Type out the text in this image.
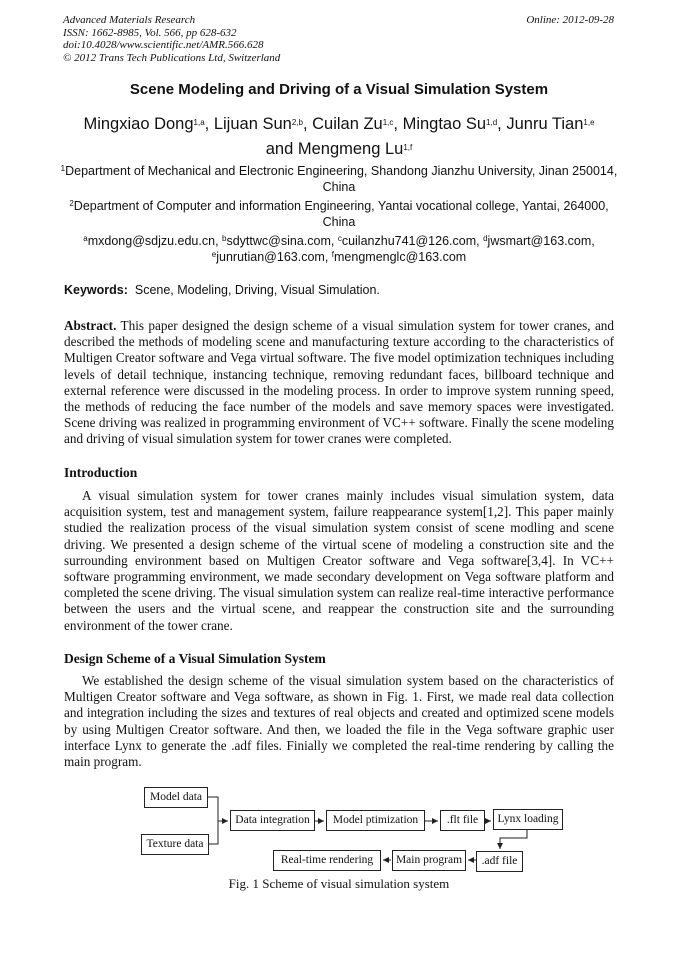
Advanced Materials Research
ISSN: 1662-8985, Vol. 566, pp 628-632
doi:10.4028/www.scientific.net/AMR.566.628
© 2012 Trans Tech Publications Ltd, Switzerland
Online: 2012-09-28
Scene Modeling and Driving of a Visual Simulation System
Mingxiao Dong$^{1,a}$, Lijuan Sun$^{2,b}$, Cuilan Zu$^{1,c}$, Mingtao Su$^{1,d}$, Junru Tian$^{1,e}$
and Mengmeng Lu$^{1,f}$
$^1$Department of Mechanical and Electronic Engineering, Shandong Jianzhu University, Jinan 250014, China
$^2$Department of Computer and information Engineering, Yantai vocational college, Yantai, 264000, China
$^a$mxdong@sdjzu.edu.cn, $^b$sdyttwc@sina.com, $^c$cuilanzhu741@126.com, $^d$jwsmart@163.com,
$^e$junrutian@163.com, $^f$mengmenglc@163.com
Keywords: Scene, Modeling, Driving, Visual Simulation.
Abstract. This paper designed the design scheme of a visual simulation system for tower cranes, and described the methods of modeling scene and manufacturing texture according to the characteristics of Multigen Creator software and Vega virtual software. The five model optimization techniques including levels of detail technique, instancing technique, removing redundant faces, billboard technique and external reference were discussed in the modeling process. In order to improve system running speed, the methods of reducing the face number of the models and save memory spaces were investigated. Scene driving was realized in programming environment of VC++ software. Finally the scene modeling and driving of visual simulation system for tower cranes were completed.
Introduction
A visual simulation system for tower cranes mainly includes visual simulation system, data acquisition system, test and management system, failure reappearance system[1,2]. This paper mainly studied the realization process of the visual simulation system consist of scene modling and scene driving. We presented a design scheme of the virtual scene of modeling a construction site and the surrounding environment based on Multigen Creator software and Vega software[3,4]. In VC++ software programming environment, we made secondary development on Vega software platform and completed the scene driving. The visual simulation system can realize real-time interactive performance between the users and the virtual scene, and reappear the construction site and the surrounding environment of the tower crane.
Design Scheme of a Visual Simulation System
We established the design scheme of the visual simulation system based on the characteristics of Multigen Creator software and Vega software, as shown in Fig. 1. First, we made real data collection and integration including the sizes and textures of real objects and created and optimized scene models by using Multigen Creator software. And then, we loaded the file in the Vega software graphic user interface Lynx to generate the .adf files. Finially we completed the real-time rendering by calling the main program.
Model data
Texture data
Data integration	Model ptimization	.flt file	Lynx loading
.adf file
Main program
Real-time rendering
Fig. 1 Scheme of visual simulation system
